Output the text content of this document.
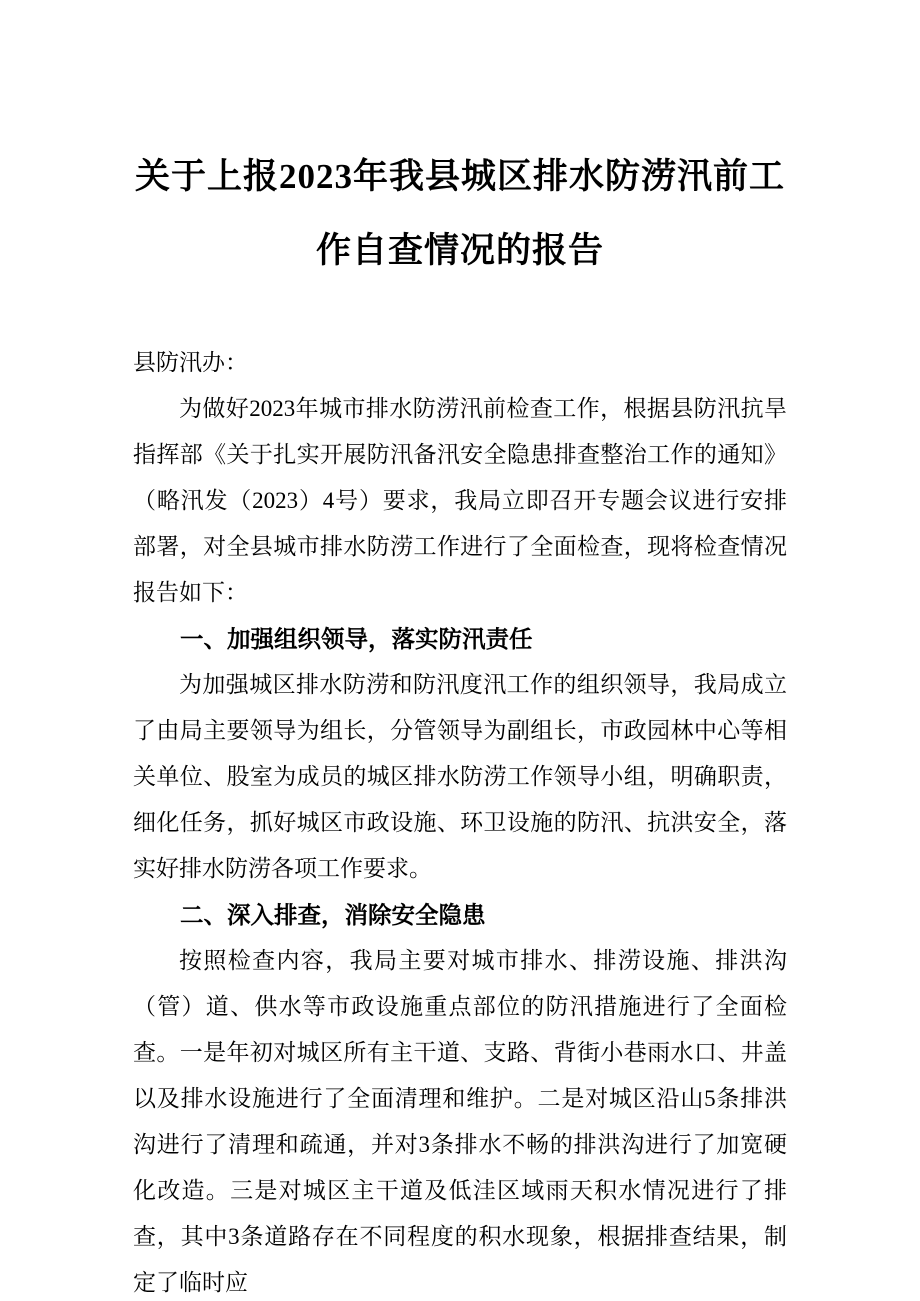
关于上报2023年我县城区排水防涝汛前工作自查情况的报告

县防汛办：

为做好2023年城市排水防涝汛前检查工作，根据县防汛抗旱指挥部《关于扎实开展防汛备汛安全隐患排查整治工作的通知》（略汛发（2023）4号）要求，我局立即召开专题会议进行安排部署，对全县城市排水防涝工作进行了全面检查，现将检查情况报告如下：

一、加强组织领导，落实防汛责任

为加强城区排水防涝和防汛度汛工作的组织领导，我局成立了由局主要领导为组长，分管领导为副组长，市政园林中心等相关单位、股室为成员的城区排水防涝工作领导小组，明确职责，细化任务，抓好城区市政设施、环卫设施的防汛、抗洪安全，落实好排水防涝各项工作要求。

二、深入排查，消除安全隐患

按照检查内容，我局主要对城市排水、排涝设施、排洪沟（管）道、供水等市政设施重点部位的防汛措施进行了全面检查。一是年初对城区所有主干道、支路、背街小巷雨水口、井盖以及排水设施进行了全面清理和维护。二是对城区沿山5条排洪沟进行了清理和疏通，并对3条排水不畅的排洪沟进行了加宽硬化改造。三是对城区主干道及低洼区域雨天积水情况进行了排查，其中3条道路存在不同程度的积水现象，根据排查结果，制定了临时应
